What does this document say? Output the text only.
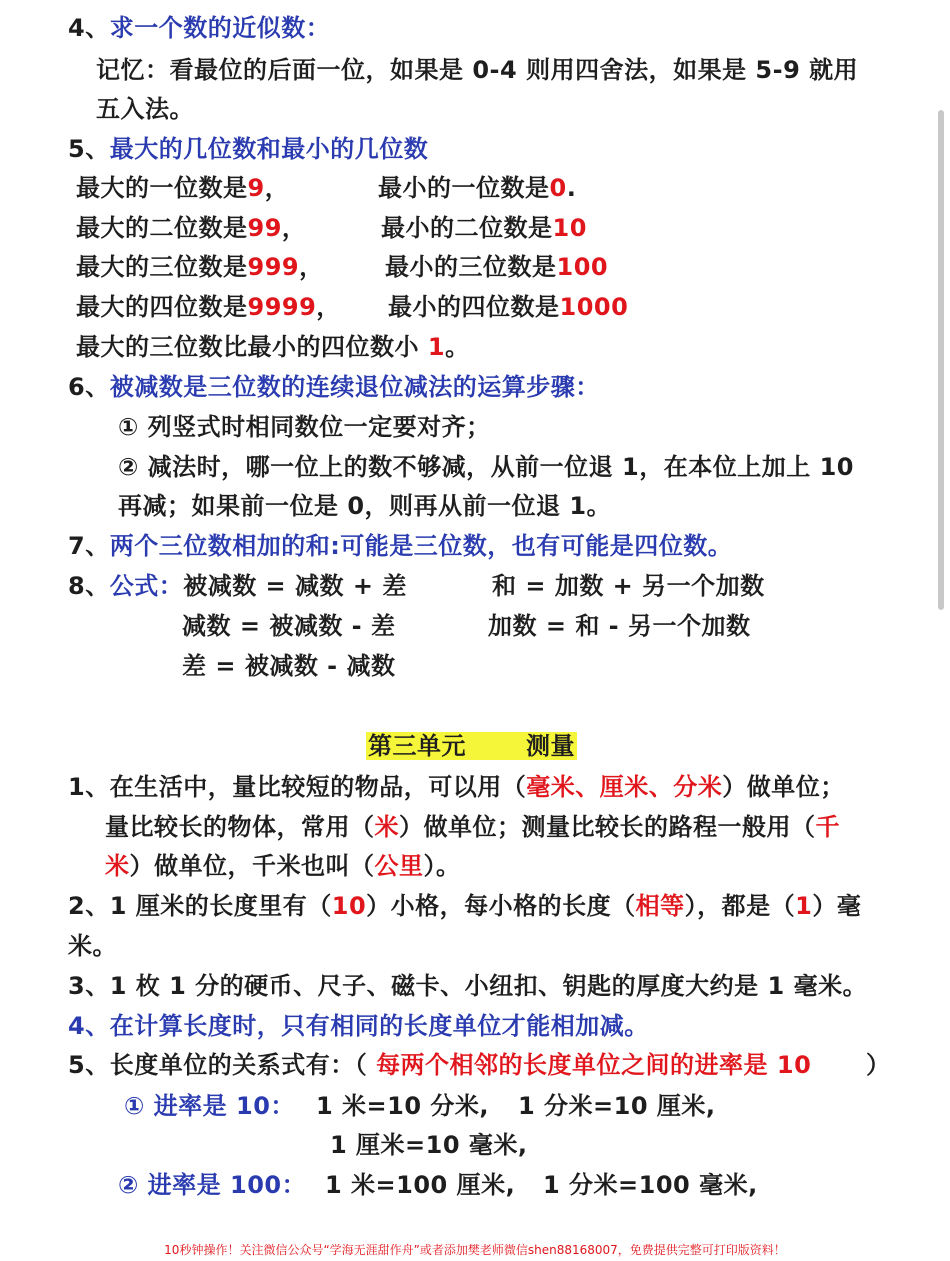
4、求一个数的近似数：
记忆：看最位的后面一位，如果是 0-4 则用四舍法，如果是 5-9 就用
五入法。
5、最大的几位数和最小的几位数
最大的一位数是9，	最小的一位数是0.
最大的二位数是99，	最小的二位数是10
最大的三位数是999，	最小的三位数是100
最大的四位数是9999， 最小的四位数是1000
最大的三位数比最小的四位数小 1。
6、被减数是三位数的连续退位减法的运算步骤：
① 列竖式时相同数位一定要对齐；
② 减法时，哪一位上的数不够减，从前一位退 1，在本位上加上 10
再减；如果前一位是 0，则再从前一位退 1。
7、两个三位数相加的和:可能是三位数，也有可能是四位数。
8、公式：被减数 = 减数 + 差	和 = 加数 + 另一个加数
减数 = 被减数 - 差	加数 = 和 - 另一个加数
差 = 被减数 - 减数
第三单元	测量
1、在生活中，量比较短的物品，可以用（毫米、厘米、分米）做单位；
量比较长的物体，常用（米）做单位；测量比较长的路程一般用（千
米）做单位，千米也叫（公里）。
2、1 厘米的长度里有（10）小格，每小格的长度（相等），都是（1）毫
米。
3、1 枚 1 分的硬币、尺子、磁卡、小纽扣、钥匙的厚度大约是 1 毫米。
4、在计算长度时，只有相同的长度单位才能相加减。
5、长度单位的关系式有：（ 每两个相邻的长度单位之间的进率是 10 ）
① 进率是 10： 1 米=10 分米, 1 分米=10 厘米,
1 厘米=10 毫米,
② 进率是 100： 1 米=100 厘米, 1 分米=100 毫米,
10秒钟操作！关注微信公众号“学海无涯甜作舟”或者添加樊老师微信shen88168007，免费提供完整可打印版资料！
